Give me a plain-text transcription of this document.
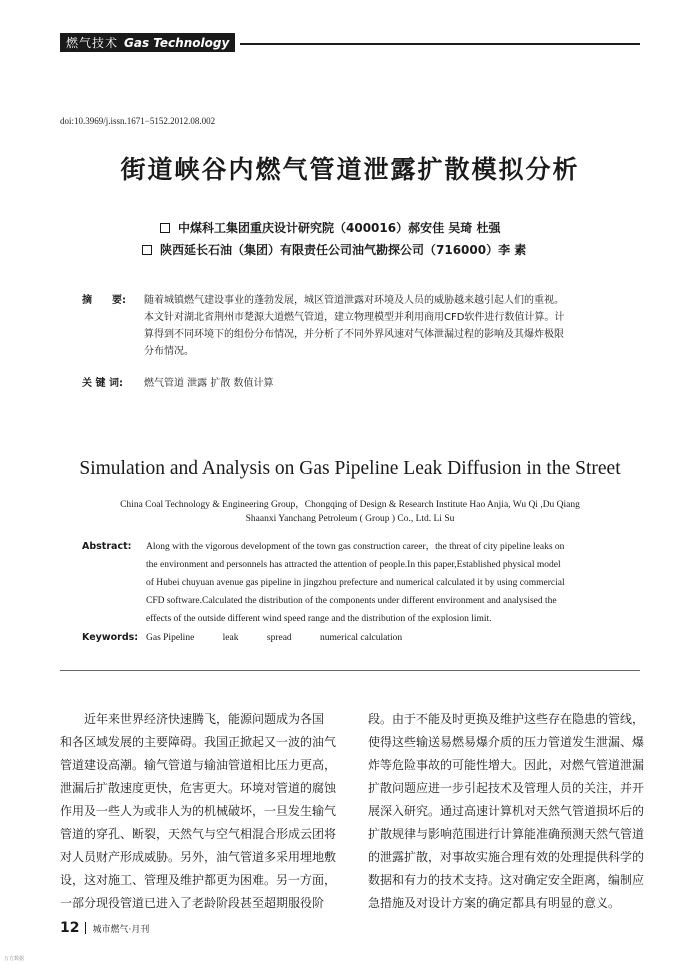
燃气技术 Gas Technology
doi:10.3969/j.issn.1671−5152.2012.08.002
街道峡谷内燃气管道泄露扩散模拟分析
中煤科工集团重庆设计研究院（400016）郝安佳 吴琦 杜强
陕西延长石油（集团）有限责任公司油气勘探公司（716000）李 素
摘　　要: 随着城镇燃气建设事业的蓬勃发展，城区管道泄露对环境及人员的威胁越来越引起人们的重视。
本文针对湖北省荆州市楚源大道燃气管道，建立物理模型并利用商用CFD软件进行数值计算。计
算得到不同环境下的组份分布情况，并分析了不同外界风速对气体泄漏过程的影响及其爆炸极限
分布情况。
关 键 词: 燃气管道 泄露 扩散 数值计算
Simulation and Analysis on Gas Pipeline Leak Diffusion in the Street
China Coal Technology & Engineering Group，Chongqing of Design & Research Institute Hao Anjia, Wu Qi ,Du Qiang
Shaanxi Yanchang Petroleum ( Group ) Co., Ltd. Li Su
Abstract: Along with the vigorous development of the town gas construction career，the threat of city pipeline leaks on
the environment and personnels has attracted the attention of people.In this paper,Established physical model
of Hubei chuyuan avenue gas pipeline in jingzhou prefecture and numerical calculated it by using commercial
CFD software.Calculated the distribution of the components under different environment and analysised the
effects of the outside different wind speed range and the distribution of the explosion limit.
Keywords: Gas Pipeline	leak	spread	numerical calculation

　　近年来世界经济快速腾飞，能源问题成为各国

和各区域发展的主要障碍。我国正掀起又一波的油气

管道建设高潮。输气管道与输油管道相比压力更高，

泄漏后扩散速度更快，危害更大。环境对管道的腐蚀

作用及一些人为或非人为的机械破坏，一旦发生输气

管道的穿孔、断裂，天然气与空气相混合形成云团将

对人员财产形成威胁。另外，油气管道多采用埋地敷

设，这对施工、管理及维护都更为困难。另一方面，

一部分现役管道已进入了老龄阶段甚至超期服役阶

段。由于不能及时更换及维护这些存在隐患的管线，

使得这些输送易燃易爆介质的压力管道发生泄漏、爆

炸等危险事故的可能性增大。因此，对燃气管道泄漏

扩散问题应进一步引起技术及管理人员的关注，并开

展深入研究。通过高速计算机对天然气管道损坏后的

扩散规律与影响范围进行计算能准确预测天然气管道

的泄露扩散，对事故实施合理有效的处理提供科学的

数据和有力的技术支持。这对确定安全距离，编制应

急措施及对设计方案的确定都具有明显的意义。

12 城市燃气·月刊
万方数据
